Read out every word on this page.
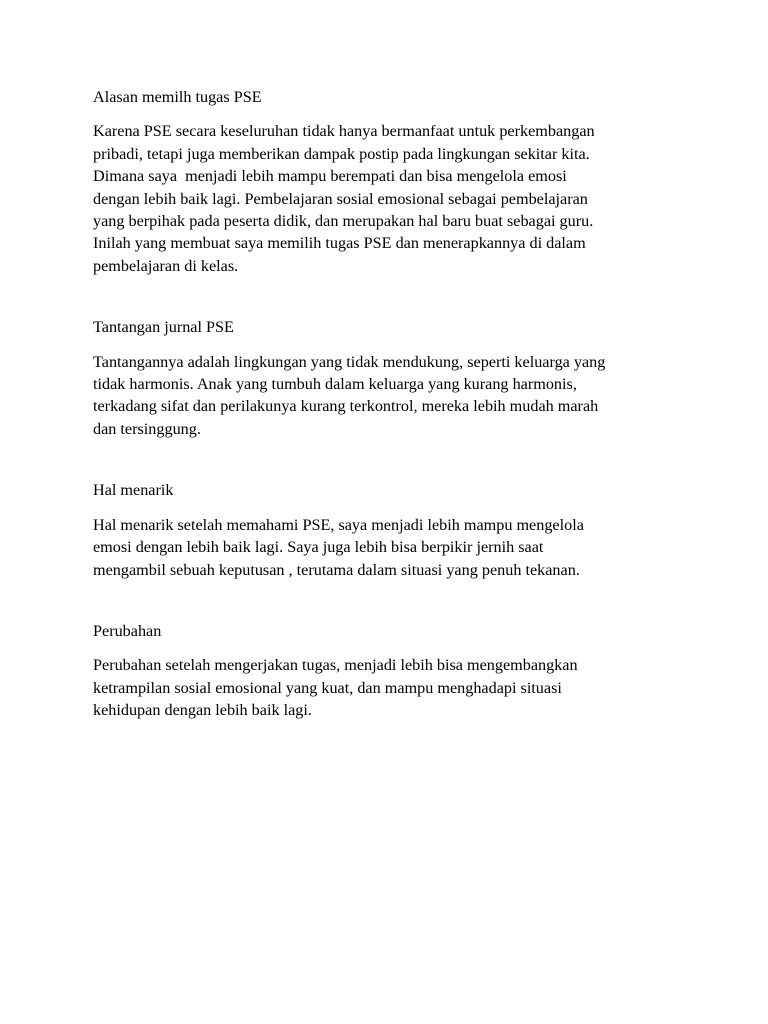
Alasan memilh tugas PSE

Karena PSE secara keseluruhan tidak hanya bermanfaat untuk perkembangan
pribadi, tetapi juga memberikan dampak postip pada lingkungan sekitar kita.
Dimana saya  menjadi lebih mampu berempati dan bisa mengelola emosi
dengan lebih baik lagi. Pembelajaran sosial emosional sebagai pembelajaran
yang berpihak pada peserta didik, dan merupakan hal baru buat sebagai guru.
Inilah yang membuat saya memilih tugas PSE dan menerapkannya di dalam
pembelajaran di kelas.

Tantangan jurnal PSE

Tantangannya adalah lingkungan yang tidak mendukung, seperti keluarga yang
tidak harmonis. Anak yang tumbuh dalam keluarga yang kurang harmonis,
terkadang sifat dan perilakunya kurang terkontrol, mereka lebih mudah marah
dan tersinggung.

Hal menarik

Hal menarik setelah memahami PSE, saya menjadi lebih mampu mengelola
emosi dengan lebih baik lagi. Saya juga lebih bisa berpikir jernih saat
mengambil sebuah keputusan , terutama dalam situasi yang penuh tekanan.

Perubahan

Perubahan setelah mengerjakan tugas, menjadi lebih bisa mengembangkan
ketrampilan sosial emosional yang kuat, dan mampu menghadapi situasi
kehidupan dengan lebih baik lagi.
